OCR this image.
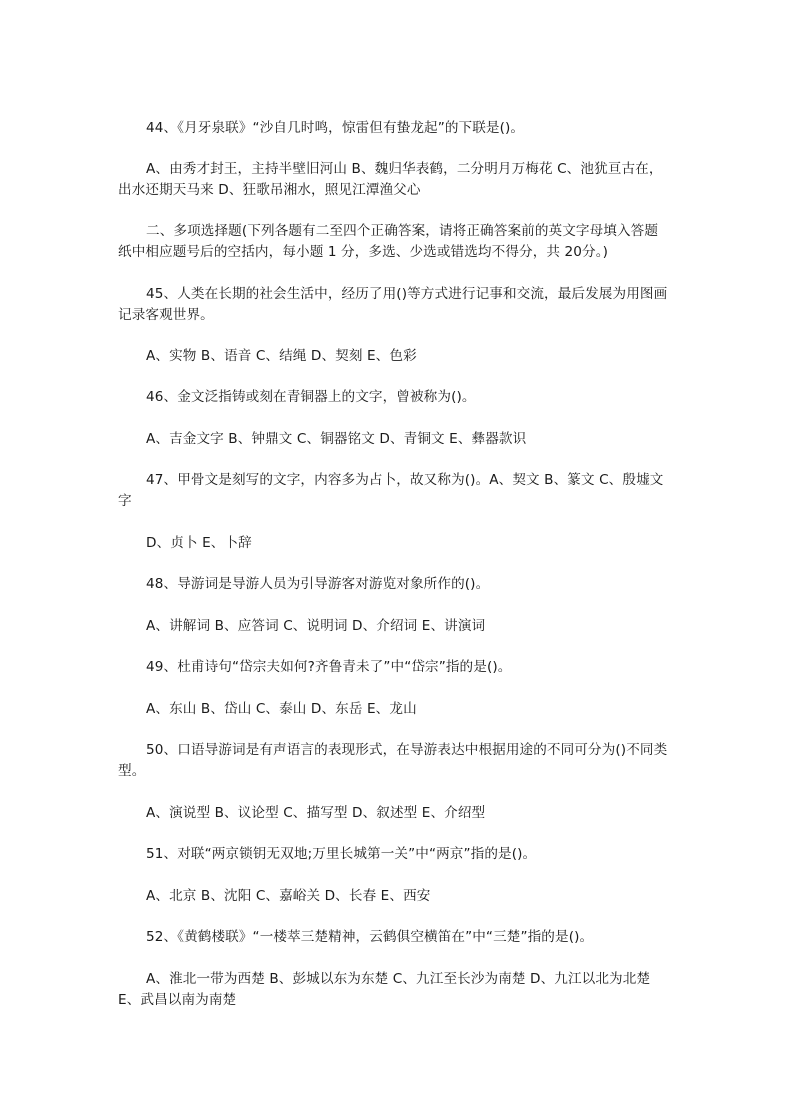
44、《月牙泉联》“沙自几时鸣，惊雷但有蛰龙起”的下联是()。
A、由秀才封王，主持半壁旧河山 B、魏归华表鹤，二分明月万梅花 C、池犹亘古在，出水还期天马来 D、狂歌吊湘水，照见江潭渔父心
二、多项选择题(下列各题有二至四个正确答案，请将正确答案前的英文字母填入答题纸中相应题号后的空括内，每小题 1 分，多选、少选或错选均不得分，共 20分。)
45、人类在长期的社会生活中，经历了用()等方式进行记事和交流，最后发展为用图画记录客观世界。
A、实物 B、语音 C、结绳 D、契刻 E、色彩
46、金文泛指铸或刻在青铜器上的文字，曾被称为()。
A、吉金文字 B、钟鼎文 C、铜器铭文 D、青铜文 E、彝器款识
47、甲骨文是刻写的文字，内容多为占卜，故又称为()。A、契文 B、篆文 C、殷墟文字
D、贞卜 E、卜辞
48、导游词是导游人员为引导游客对游览对象所作的()。
A、讲解词 B、应答词 C、说明词 D、介绍词 E、讲演词
49、杜甫诗句“岱宗夫如何?齐鲁青未了”中“岱宗”指的是()。
A、东山 B、岱山 C、泰山 D、东岳 E、龙山
50、口语导游词是有声语言的表现形式，在导游表达中根据用途的不同可分为()不同类型。
A、演说型 B、议论型 C、描写型 D、叙述型 E、介绍型
51、对联“两京锁钥无双地;万里长城第一关”中“两京”指的是()。
A、北京 B、沈阳 C、嘉峪关 D、长春 E、西安
52、《黄鹤楼联》“一楼萃三楚精神，云鹤俱空横笛在”中“三楚”指的是()。
A、淮北一带为西楚 B、彭城以东为东楚 C、九江至长沙为南楚 D、九江以北为北楚 E、武昌以南为南楚
